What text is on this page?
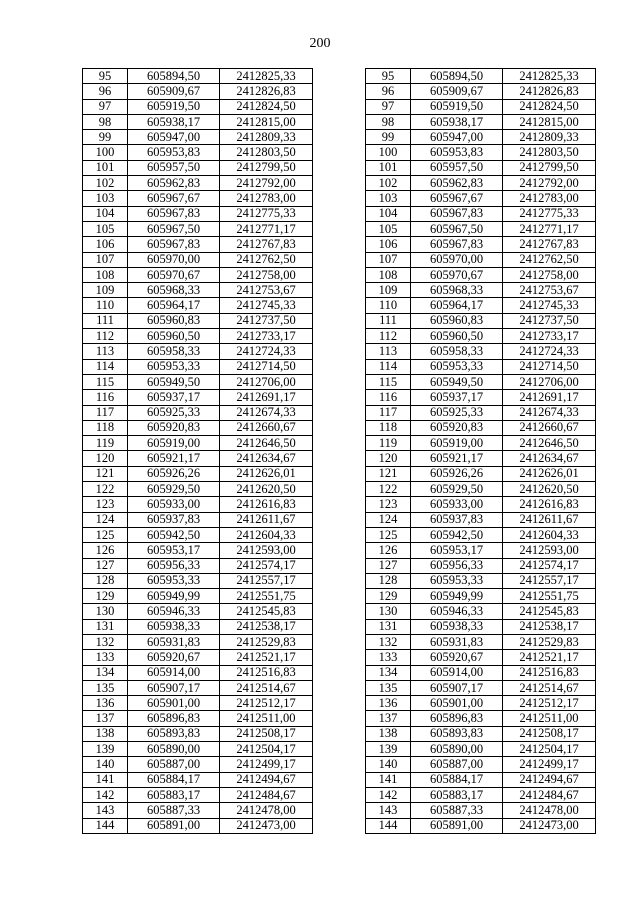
200
95	605894,50	2412825,33		95	605894,50	2412825,33
96	605909,67	2412826,83		96	605909,67	2412826,83
97	605919,50	2412824,50		97	605919,50	2412824,50
98	605938,17	2412815,00		98	605938,17	2412815,00
99	605947,00	2412809,33		99	605947,00	2412809,33
100	605953,83	2412803,50		100	605953,83	2412803,50
101	605957,50	2412799,50		101	605957,50	2412799,50
102	605962,83	2412792,00		102	605962,83	2412792,00
103	605967,67	2412783,00		103	605967,67	2412783,00
104	605967,83	2412775,33		104	605967,83	2412775,33
105	605967,50	2412771,17		105	605967,50	2412771,17
106	605967,83	2412767,83		106	605967,83	2412767,83
107	605970,00	2412762,50		107	605970,00	2412762,50
108	605970,67	2412758,00		108	605970,67	2412758,00
109	605968,33	2412753,67		109	605968,33	2412753,67
110	605964,17	2412745,33		110	605964,17	2412745,33
111	605960,83	2412737,50		111	605960,83	2412737,50
112	605960,50	2412733,17		112	605960,50	2412733,17
113	605958,33	2412724,33		113	605958,33	2412724,33
114	605953,33	2412714,50		114	605953,33	2412714,50
115	605949,50	2412706,00		115	605949,50	2412706,00
116	605937,17	2412691,17		116	605937,17	2412691,17
117	605925,33	2412674,33		117	605925,33	2412674,33
118	605920,83	2412660,67		118	605920,83	2412660,67
119	605919,00	2412646,50		119	605919,00	2412646,50
120	605921,17	2412634,67		120	605921,17	2412634,67
121	605926,26	2412626,01		121	605926,26	2412626,01
122	605929,50	2412620,50		122	605929,50	2412620,50
123	605933,00	2412616,83		123	605933,00	2412616,83
124	605937,83	2412611,67		124	605937,83	2412611,67
125	605942,50	2412604,33		125	605942,50	2412604,33
126	605953,17	2412593,00		126	605953,17	2412593,00
127	605956,33	2412574,17		127	605956,33	2412574,17
128	605953,33	2412557,17		128	605953,33	2412557,17
129	605949,99	2412551,75		129	605949,99	2412551,75
130	605946,33	2412545,83		130	605946,33	2412545,83
131	605938,33	2412538,17		131	605938,33	2412538,17
132	605931,83	2412529,83		132	605931,83	2412529,83
133	605920,67	2412521,17		133	605920,67	2412521,17
134	605914,00	2412516,83		134	605914,00	2412516,83
135	605907,17	2412514,67		135	605907,17	2412514,67
136	605901,00	2412512,17		136	605901,00	2412512,17
137	605896,83	2412511,00		137	605896,83	2412511,00
138	605893,83	2412508,17		138	605893,83	2412508,17
139	605890,00	2412504,17		139	605890,00	2412504,17
140	605887,00	2412499,17		140	605887,00	2412499,17
141	605884,17	2412494,67		141	605884,17	2412494,67
142	605883,17	2412484,67		142	605883,17	2412484,67
143	605887,33	2412478,00		143	605887,33	2412478,00
144	605891,00	2412473,00		144	605891,00	2412473,00
